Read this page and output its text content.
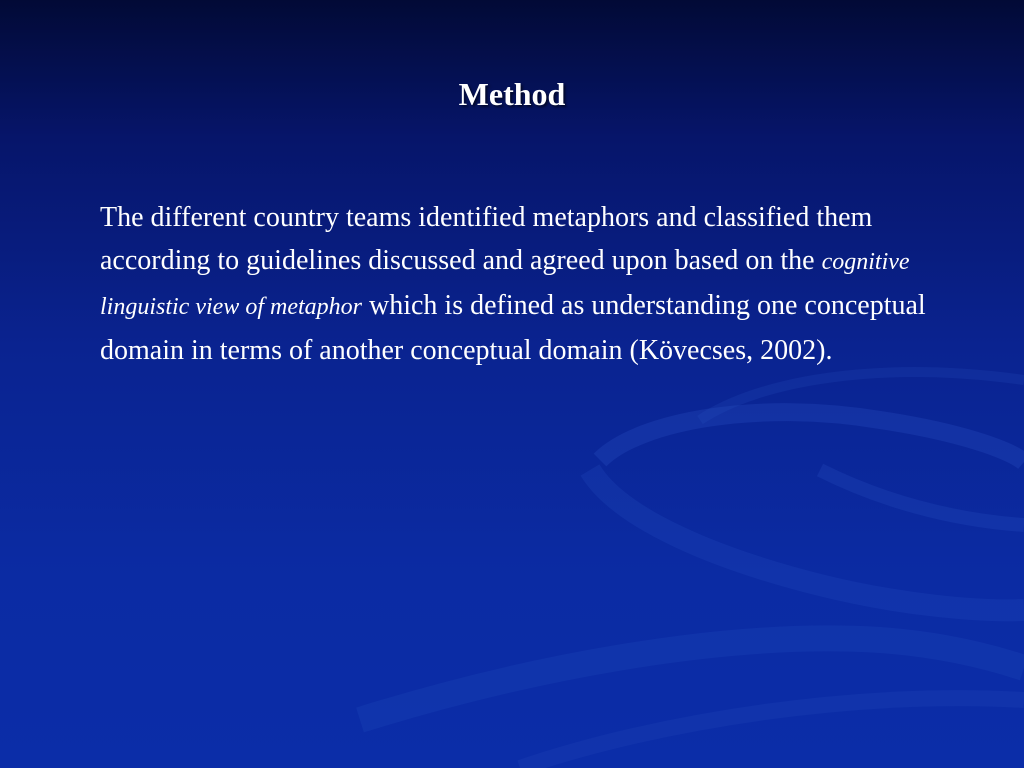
Method

The different country teams identified metaphors and classified them according to guidelines discussed and agreed upon based on the cognitive linguistic view of metaphor which is defined as understanding one conceptual domain in terms of another conceptual domain (Kövecses, 2002).
